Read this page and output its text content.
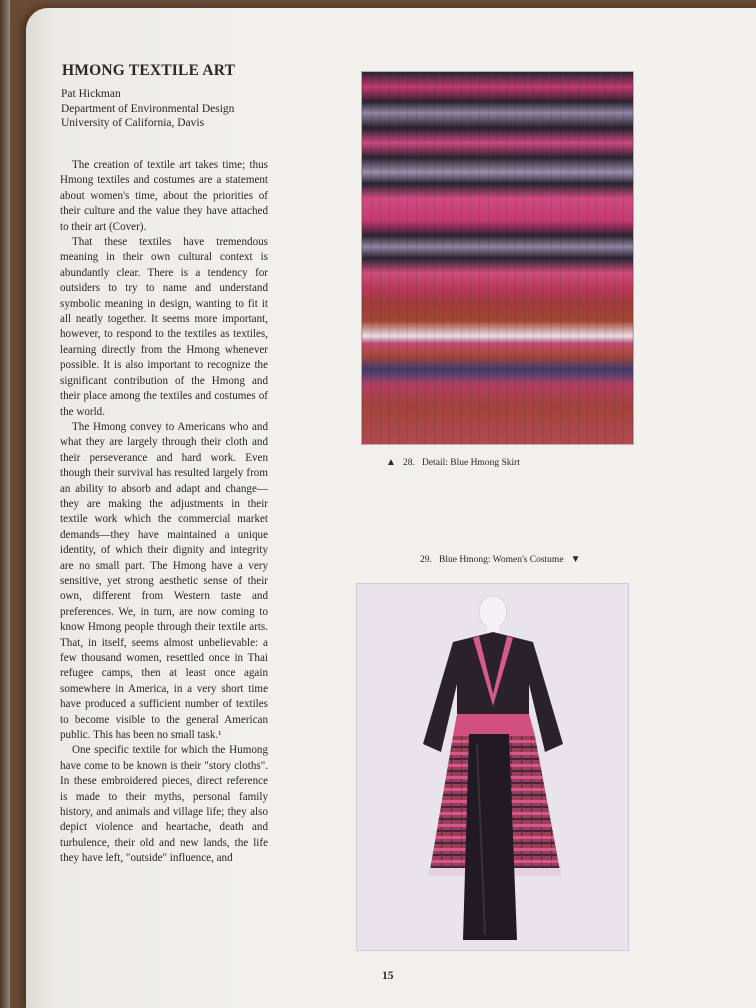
HMONG TEXTILE ART
Pat Hickman
Department of Environmental Design
University of California, Davis

The creation of textile art takes time; thus Hmong textiles and costumes are a statement about women's time, about the priorities of their culture and the value they have attached to their art (Cover).

That these textiles have tremendous meaning in their own cultural context is abundantly clear. There is a tendency for outsiders to try to name and understand symbolic meaning in design, wanting to fit it all neatly together. It seems more important, however, to respond to the textiles as textiles, learning directly from the Hmong whenever possible. It is also important to recognize the significant contribution of the Hmong and their place among the textiles and costumes of the world.

The Hmong convey to Americans who and what they are largely through their cloth and their perseverance and hard work. Even though their survival has resulted largely from an ability to absorb and adapt and change—they are making the adjustments in their textile work which the commercial market demands—they have maintained a unique identity, of which their dignity and integrity are no small part. The Hmong have a very sensitive, yet strong aesthetic sense of their own, different from Western taste and preferences. We, in turn, are now coming to know Hmong people through their textile arts. That, in itself, seems almost unbelievable: a few thousand women, resettled once in Thai refugee camps, then at least once again somewhere in America, in a very short time have produced a sufficient number of textiles to become visible to the general American public. This has been no small task.¹

One specific textile for which the Humong have come to be known is their "story cloths". In these embroidered pieces, direct reference is made to their myths, personal family history, and animals and village life; they also depict violence and heartache, death and turbulence, their old and new lands, the life they have left, "outside" influence, and

▲ 28. Detail: Blue Hmong Skirt
29. Blue Hmong: Women's Costume ▼
15
